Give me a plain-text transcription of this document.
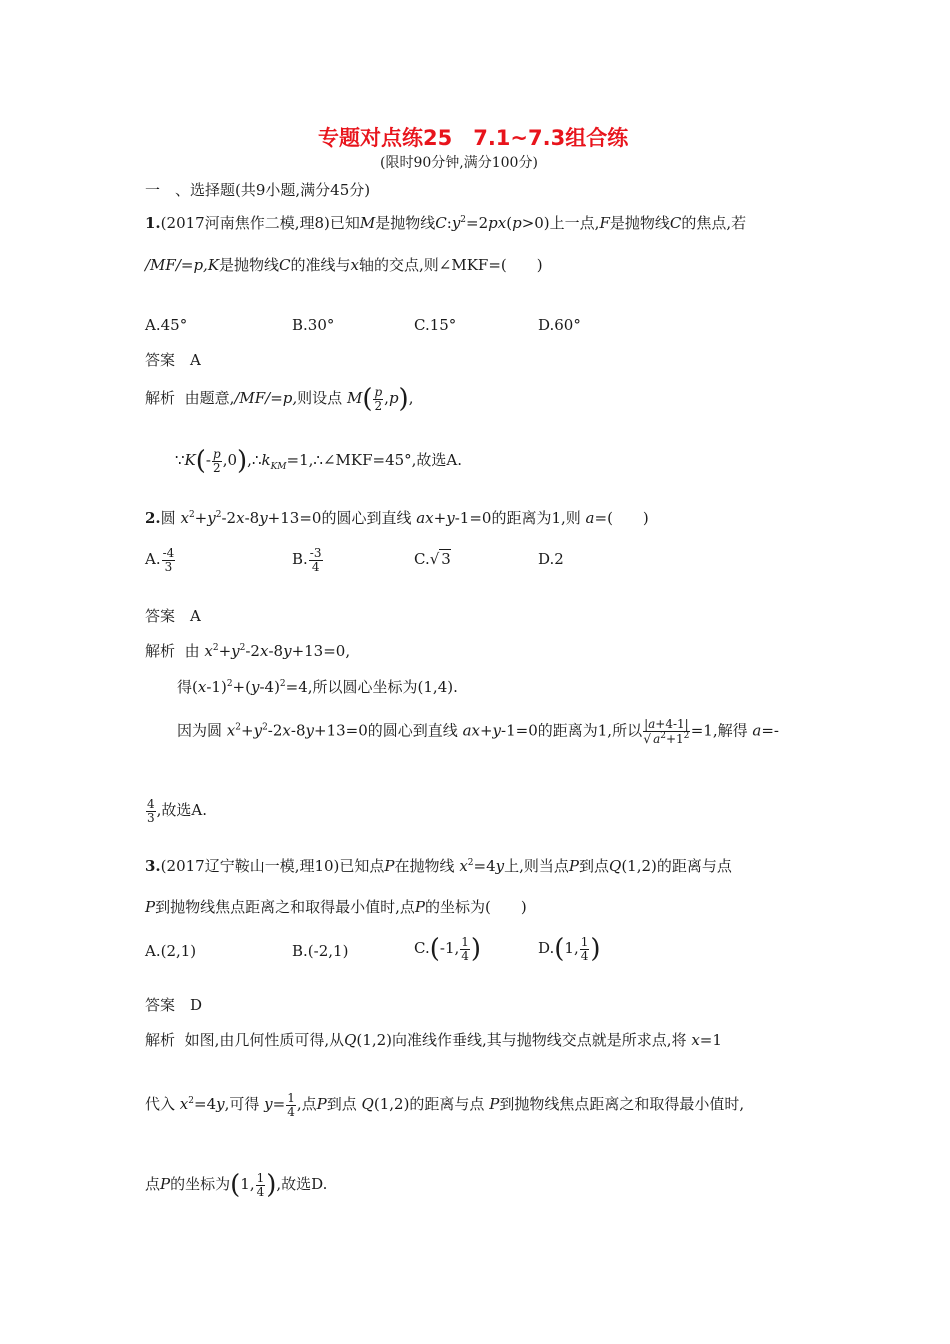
专题对点练25　7.1~7.3组合练
(限时90分钟,满分100分)
一　、选择题(共9小题,满分45分)
1.(2017河南焦作二模,理8)已知M是抛物线$C:y^2=2px(p>0)$上一点,F是抛物线C的焦点,若
/MF/=p,K是抛物线C的准线与x轴的交点,则∠MKF=(　　)
A.45°	B.30°	C.15°	D.60°
答案　A
解析 由题意,/MF/=p,则设点 $M( \frac{p}{2} ,p)$,
∵K(- $\frac{p}{2}$ $,0),\therefore k_{KM}=1,\therefore\angle MKF=45^\circ$,故选A.
2.圆 $x^2+y^2-2x-8y+13=0$的圆心到直线 ax+y-1=0的距离为1,则 a=(　　)
A. $\frac{-4}{3}$	B. $\frac{-3}{4}$	C.√ 3	D.2
答案　A
解析 由 $x^2+y^2-2x-8y+13=0$,
得$(x-1)^2+(y-4)^2=4$,所以圆心坐标为(1,4).
因为圆 $x^2+y^2-2x-8y+13=0$的圆心到直线 ax+y-1=0的距离为1,所以 $\frac{|a+4-1|}{√ a^2+1^2} =1$,解得 a=-
$\frac{4}{3}$ ,故选A.
3.(2017辽宁鞍山一模,理10)已知点P在抛物线 $x^2=4y$上,则当点P到点Q(1,2)的距离与点
P到抛物线焦点距离之和取得最小值时,点P的坐标为(　　)
A.(2,1)	B.(-2,1)	C.(-1, $\frac{1}{4}$ )	D.(1, $\frac{1}{4}$ )
答案　D
解析 如图,由几何性质可得,从Q(1,2)向准线作垂线,其与抛物线交点就是所求点,将 x=1
代入 $x^2=4y$,可得 $y= \frac{1}{4}$ ,点P到点 Q(1,2)的距离与点 P到抛物线焦点距离之和取得最小值时,
点P的坐标为(1, $\frac{1}{4}$ ),故选D.
